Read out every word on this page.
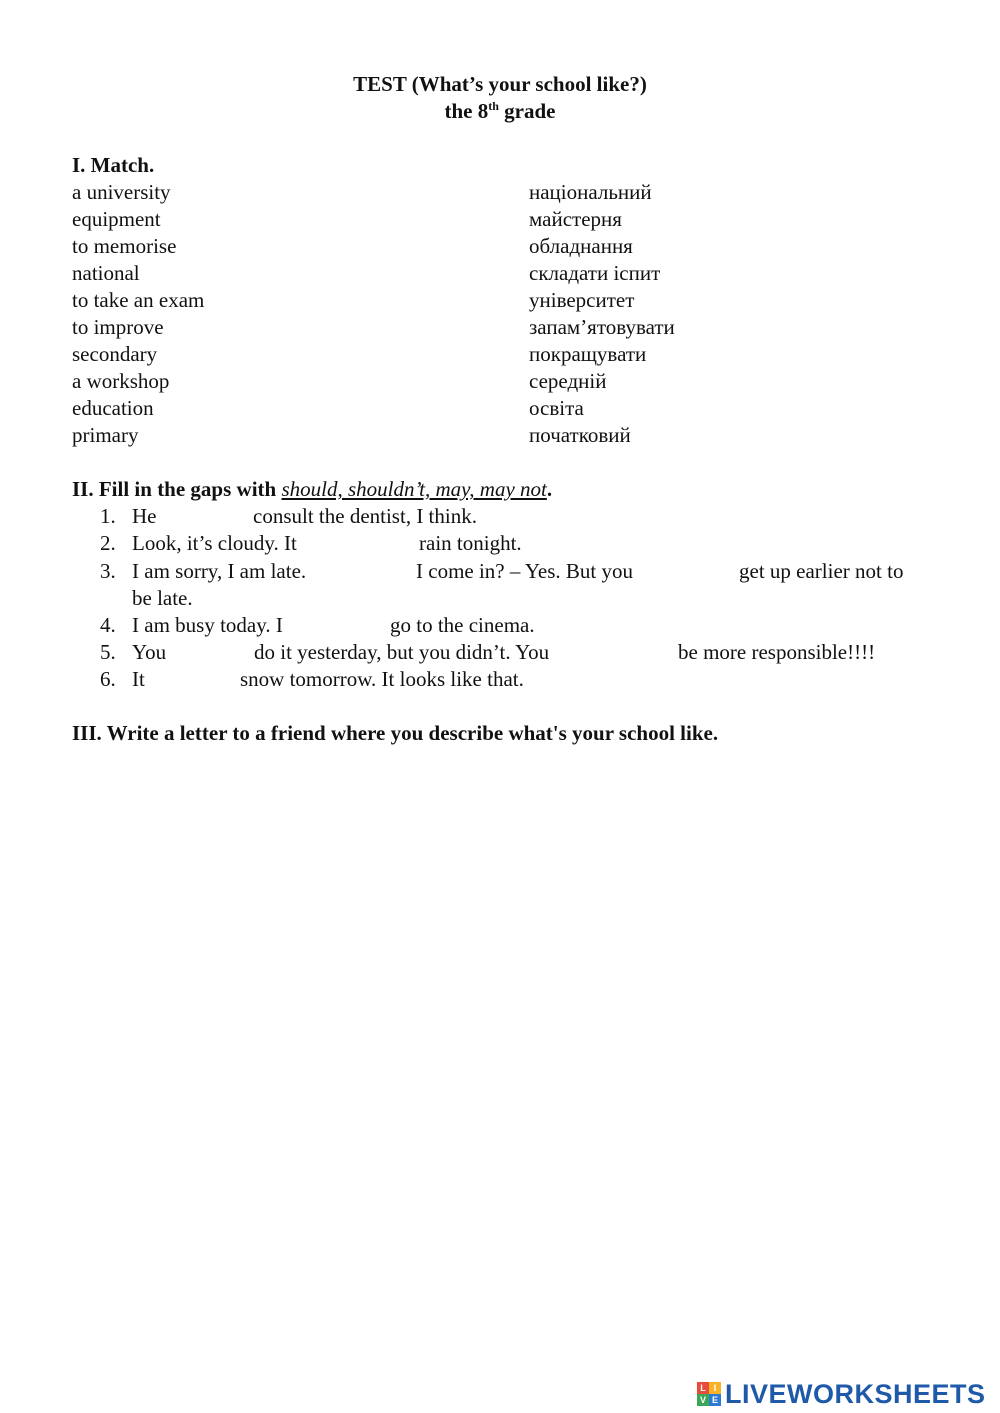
TEST (What’s your school like?)
the 8th grade
I. Match.
a university	національний
equipment	майстерня
to memorise	обладнання
national	складати іспит
to take an exam	університет
to improve	запам’ятовувати
secondary	покращувати
a workshop	середній
education	освіта
primary	початковий
II. Fill in the gaps with should, shouldn’t, may, may not.
1. He	consult the dentist, I think.
2. Look, it’s cloudy. It	rain tonight.
3. I am sorry, I am late.	I come in? – Yes. But you	get up earlier not to
be late.
4. I am busy today. I	go to the cinema.
5. You	do it yesterday, but you didn’t. You	be more responsible!!!!
6. It	snow tomorrow. It looks like that.
III. Write a letter to a friend where you describe what's your school like.
L I
V E LIVEWORKSHEETS
